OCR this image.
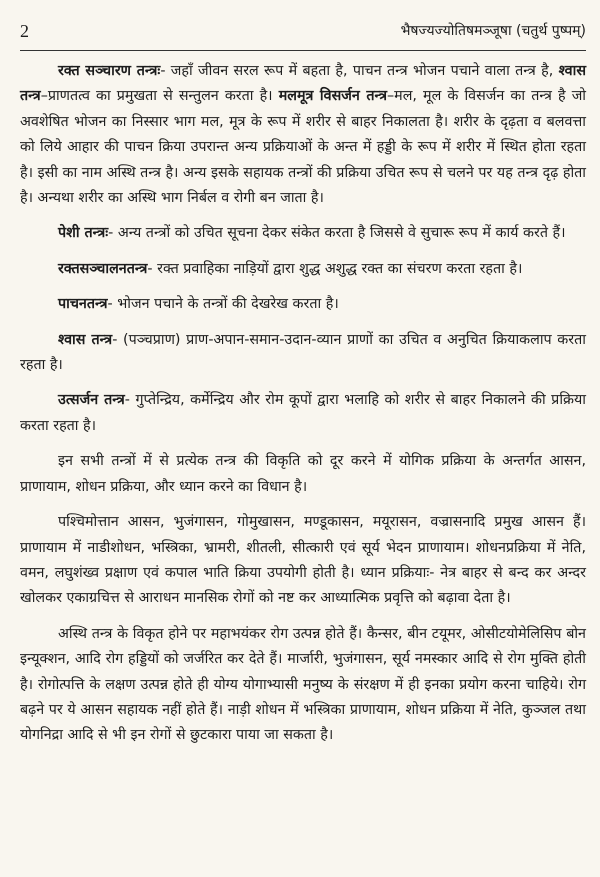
2	भैषज्यज्योतिषमञ्जूषा (चतुर्थ पुष्पम्)

रक्त सञ्चारण तन्त्रः- जहाँ जीवन सरल रूप में बहता है, पाचन तन्त्र भोजन पचाने वाला तन्त्र है, श्वास तन्त्र–प्राणतत्व का प्रमुखता से सन्तुलन करता है। मलमूत्र विसर्जन तन्त्र–मल, मूल के विसर्जन का तन्त्र है जो अवशेषित भोजन का निस्सार भाग मल, मूत्र के रूप में शरीर से बाहर निकालता है। शरीर के दृढ़ता व बलवत्ता को लिये आहार की पाचन क्रिया उपरान्त अन्य प्रक्रियाओं के अन्त में हड्डी के रूप में शरीर में स्थित होता रहता है। इसी का नाम अस्थि तन्त्र है। अन्य इसके सहायक तन्त्रों की प्रक्रिया उचित रूप से चलने पर यह तन्त्र दृढ़ होता है। अन्यथा शरीर का अस्थि भाग निर्बल व रोगी बन जाता है।

पेशी तन्त्रः- अन्य तन्त्रों को उचित सूचना देकर संकेत करता है जिससे वे सुचारू रूप में कार्य करते हैं।

रक्तसञ्चालनतन्त्र- रक्त प्रवाहिका नाड़ियों द्वारा शुद्ध अशुद्ध रक्त का संचरण करता रहता है।

पाचनतन्त्र- भोजन पचाने के तन्त्रों की देखरेख करता है।

श्वास तन्त्र- (पञ्चप्राण) प्राण-अपान-समान-उदान-व्यान प्राणों का उचित व अनुचित क्रियाकलाप करता रहता है।

उत्सर्जन तन्त्र- गुप्तेन्द्रिय, कर्मेन्द्रिय और रोम कूपों द्वारा भलाहि को शरीर से बाहर निकालने की प्रक्रिया करता रहता है।

इन सभी तन्त्रों में से प्रत्येक तन्त्र की विकृति को दूर करने में योगिक प्रक्रिया के अन्तर्गत आसन, प्राणायाम, शोधन प्रक्रिया, और ध्यान करने का विधान है।

पश्चिमोत्तान आसन, भुजंगासन, गोमुखासन, मण्डूकासन, मयूरासन, वज्रासनादि प्रमुख आसन हैं। प्राणायाम में नाडीशोधन, भस्त्रिका, भ्रामरी, शीतली, सीत्कारी एवं सूर्य भेदन प्राणायाम। शोधनप्रक्रिया में नेति, वमन, लघुशंख्व प्रक्षाण एवं कपाल भाति क्रिया उपयोगी होती है। ध्यान प्रक्रियाः- नेत्र बाहर से बन्द कर अन्दर खोलकर एकाग्रचित्त से आराधन मानसिक रोगों को नष्ट कर आध्यात्मिक प्रवृत्ति को बढ़ावा देता है।

अस्थि तन्त्र के विकृत होने पर महाभयंकर रोग उत्पन्न होते हैं। कैन्सर, बीन टयूमर, ओसीटयोमेलिसिप बोन इन्यूक्शन, आदि रोग हड्डियों को जर्जरित कर देते हैं। मार्जारी, भुजंगासन, सूर्य नमस्कार आदि से रोग मुक्ति होती है। रोगोत्पत्ति के लक्षण उत्पन्न होते ही योग्य योगाभ्यासी मनुष्य के संरक्षण में ही इनका प्रयोग करना चाहिये। रोग बढ़ने पर ये आसन सहायक नहीं होते हैं। नाड़ी शोधन में भस्त्रिका प्राणायाम, शोधन प्रक्रिया में नेति, कुञ्जल तथा योगनिद्रा आदि से भी इन रोगों से छुटकारा पाया जा सकता है।
